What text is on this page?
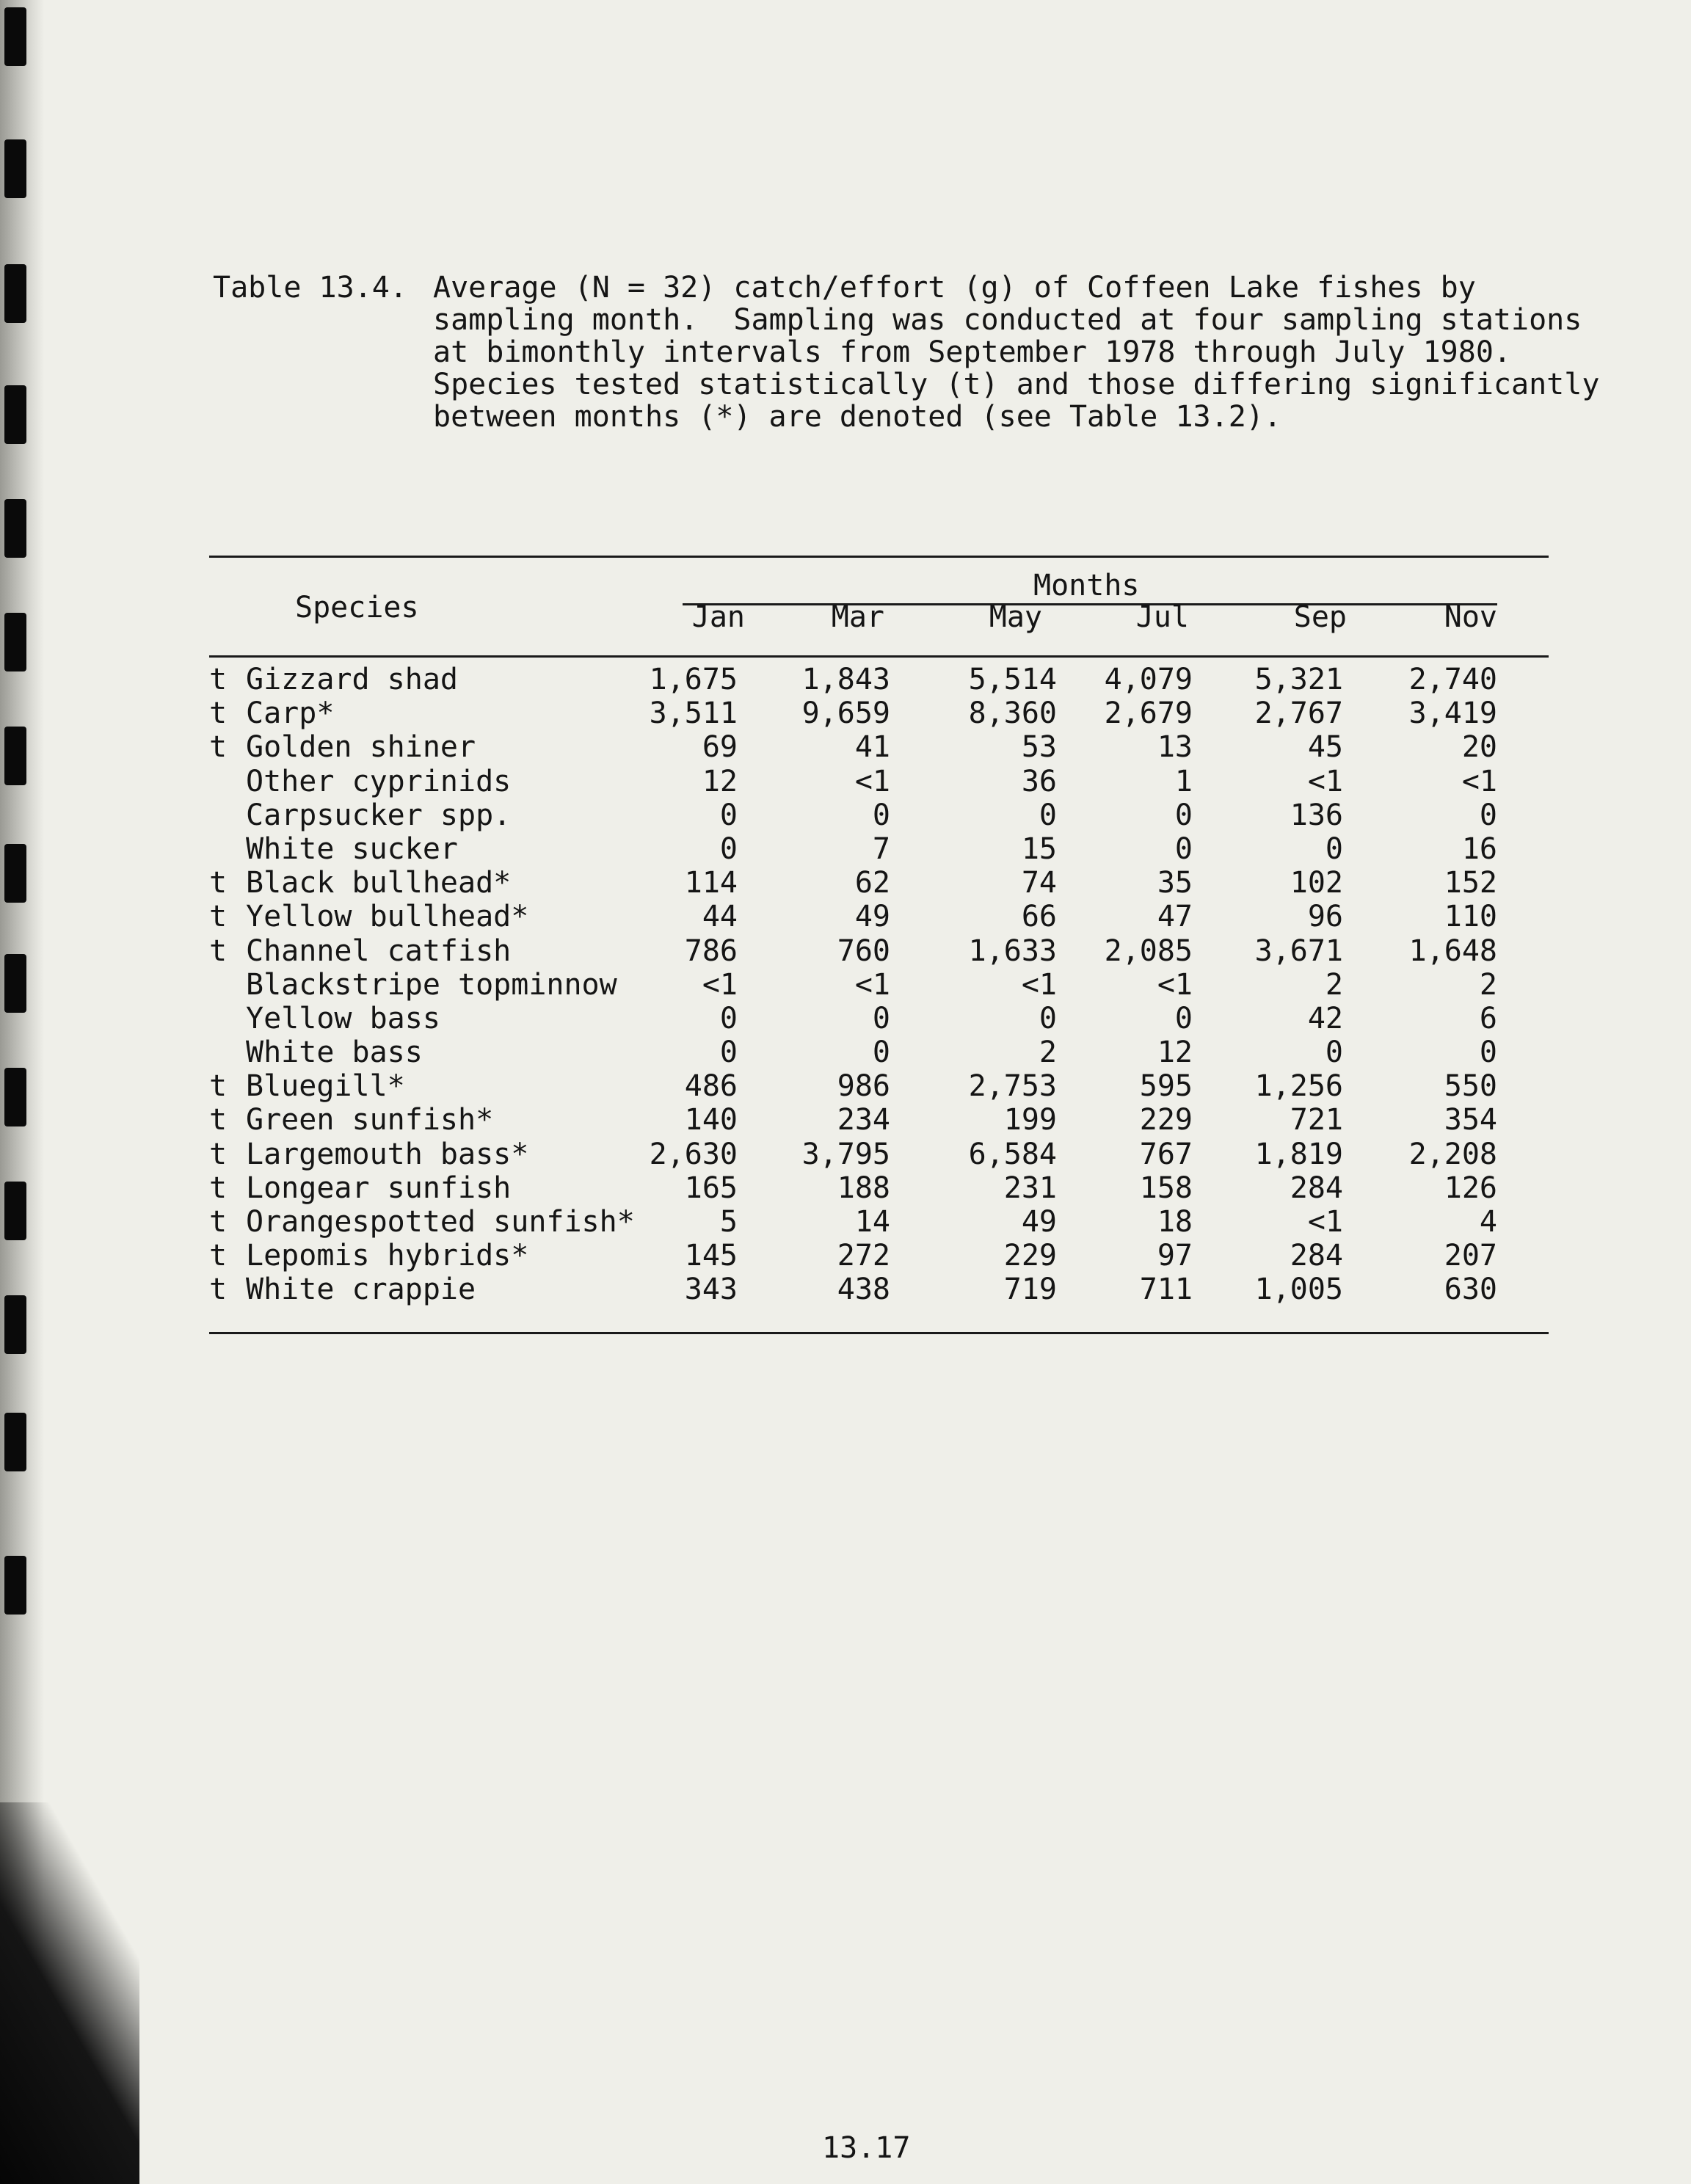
Table 13.4. Average (N = 32) catch/effort (g) of Coffeen Lake fishes by
sampling month.  Sampling was conducted at four sampling stations
at bimonthly intervals from September 1978 through July 1980.
Species tested statistically (t) and those differing significantly
between months (*) are denoted (see Table 13.2).
Months
Species	Jan	Mar	May	Jul	Sep	Nov
t Gizzard shad	1,675	1,843	5,514	4,079	5,321	2,740
t Carp*	3,511	9,659	8,360	2,679	2,767	3,419
t Golden shiner	69	41	53	13	45	20
Other cyprinids	12	<1	36	1	<1	<1
Carpsucker spp.	0	0	0	0	136	0
White sucker	0	7	15	0	0	16
t Black bullhead*	114	62	74	35	102	152
t Yellow bullhead*	44	49	66	47	96	110
t Channel catfish	786	760	1,633	2,085	3,671	1,648
Blackstripe topminnow	<1	<1	<1	<1	2	2
Yellow bass	0	0	0	0	42	6
White bass	0	0	2	12	0	0
t Bluegill*	486	986	2,753	595	1,256	550
t Green sunfish*	140	234	199	229	721	354
t Largemouth bass*	2,630	3,795	6,584	767	1,819	2,208
t Longear sunfish	165	188	231	158	284	126
t Orangespotted sunfish*	5	14	49	18	<1	4
t Lepomis hybrids*	145	272	229	97	284	207
t White crappie	343	438	719	711	1,005	630
13.17
